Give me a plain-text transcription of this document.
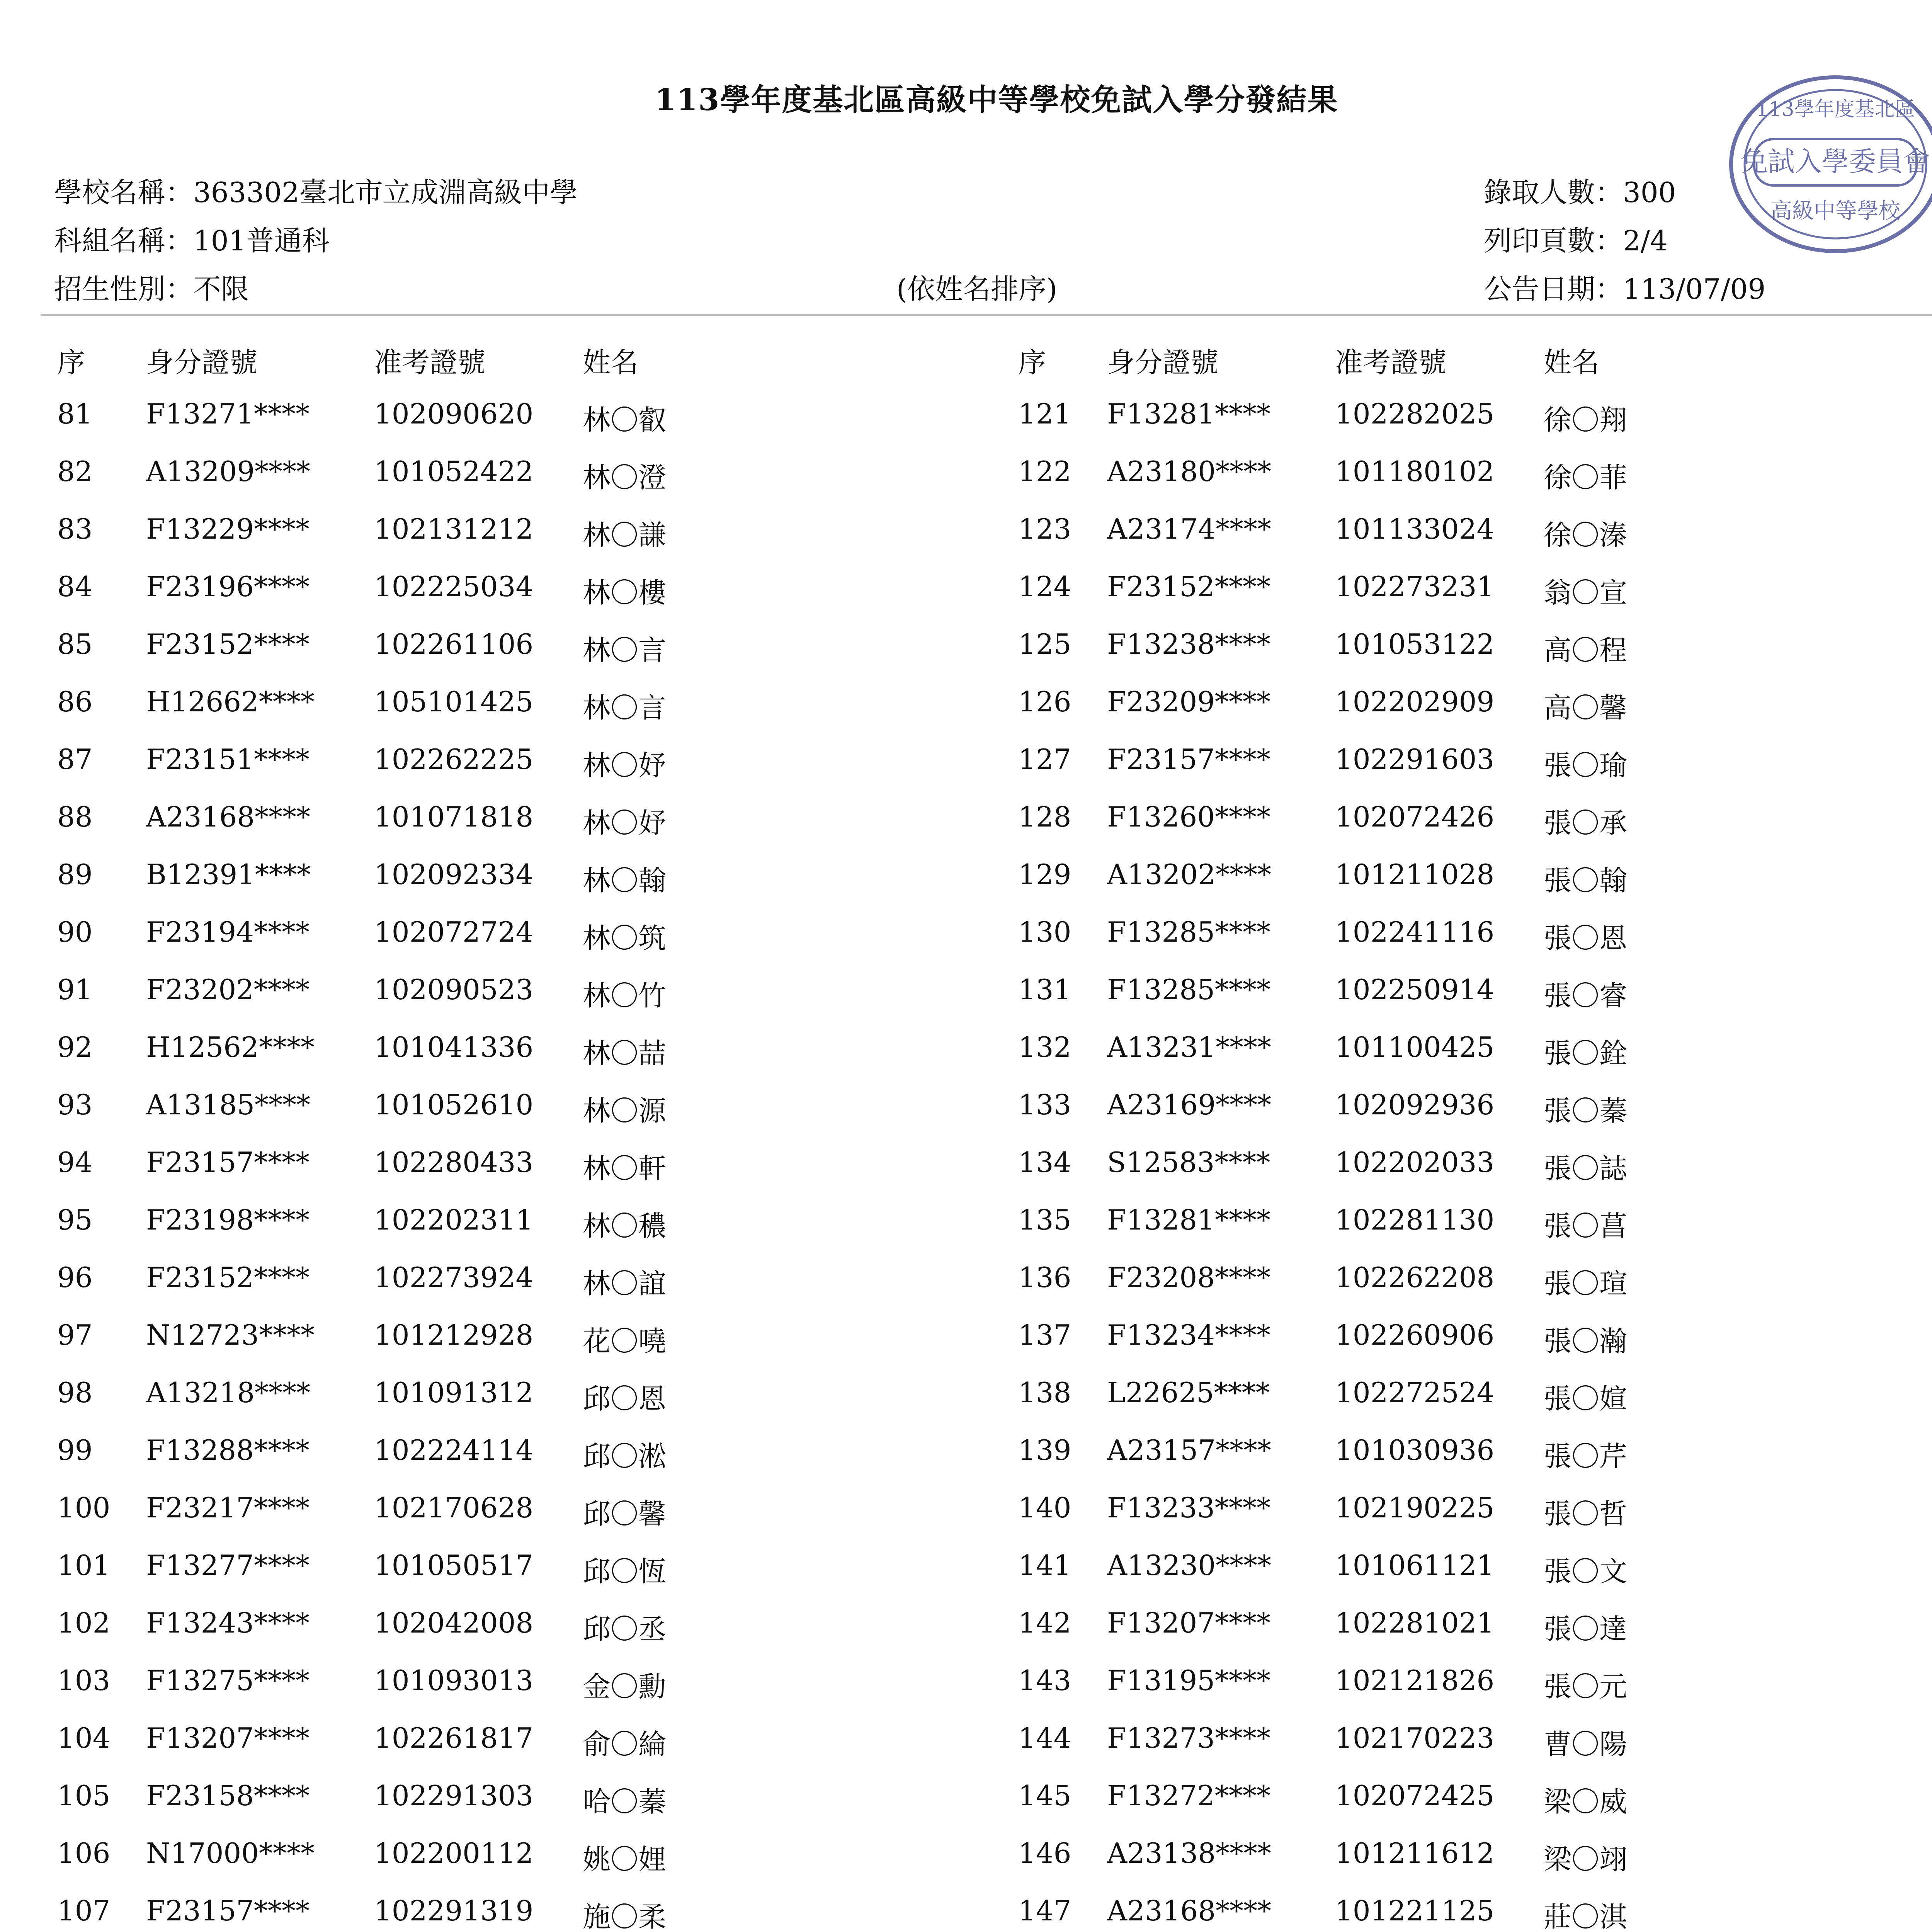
113學年度基北區高級中等學校免試入學分發結果	113學年度基北區
免試入學委員會
高級中等學校
學校名稱：363302臺北市立成淵高級中學
科組名稱：101普通科
招生性別：不限	(依姓名排序)
錄取人數：300
列印頁數：2/4
公告日期：113/07/09
序 身分證號	准考證號	姓名
81 F13271**** 102090620 林〇叡
82 A13209**** 101052422 林〇澄
83 F13229**** 102131212 林〇謙
84 F23196**** 102225034 林〇樓
85 F23152**** 102261106 林〇言
86 H12662**** 105101425 林〇言
87 F23151**** 102262225 林〇妤
88 A23168**** 101071818 林〇妤
89 B12391**** 102092334 林〇翰
90 F23194**** 102072724 林〇筑
91 F23202**** 102090523 林〇竹
92 H12562**** 101041336 林〇喆
93 A13185**** 101052610 林〇源
94 F23157**** 102280433 林〇軒
95 F23198**** 102202311 林〇穠
96 F23152**** 102273924 林〇誼
97 N12723**** 101212928 花〇嘵
98 A13218**** 101091312 邱〇恩
99 F13288**** 102224114 邱〇淞
100 F23217**** 102170628 邱〇馨
101 F13277**** 101050517 邱〇恆
102 F13243**** 102042008 邱〇丞
103 F13275**** 101093013 金〇勳
104 F13207**** 102261817 俞〇綸
105 F23158**** 102291303 哈〇蓁
106 N17000**** 102200112 姚〇娌
107 F23157**** 102291319 施〇柔
序 身分證號	准考證號	姓名
121 F13281**** 102282025 徐〇翔
122 A23180**** 101180102 徐〇菲
123 A23174**** 101133024 徐〇溱
124 F23152**** 102273231 翁〇宣
125 F13238**** 101053122 高〇程
126 F23209**** 102202909 高〇馨
127 F23157**** 102291603 張〇瑜
128 F13260**** 102072426 張〇承
129 A13202**** 101211028 張〇翰
130 F13285**** 102241116 張〇恩
131 F13285**** 102250914 張〇睿
132 A13231**** 101100425 張〇銓
133 A23169**** 102092936 張〇蓁
134 S12583**** 102202033 張〇誌
135 F13281**** 102281130 張〇菖
136 F23208**** 102262208 張〇瑄
137 F13234**** 102260906 張〇瀚
138 L22625**** 102272524 張〇媗
139 A23157**** 101030936 張〇芹
140 F13233**** 102190225 張〇哲
141 A13230**** 101061121 張〇文
142 F13207**** 102281021 張〇達
143 F13195**** 102121826 張〇元
144 F13273**** 102170223 曹〇陽
145 F13272**** 102072425 梁〇威
146 A23138**** 101211612 梁〇翊
147 A23168**** 101221125 莊〇淇
